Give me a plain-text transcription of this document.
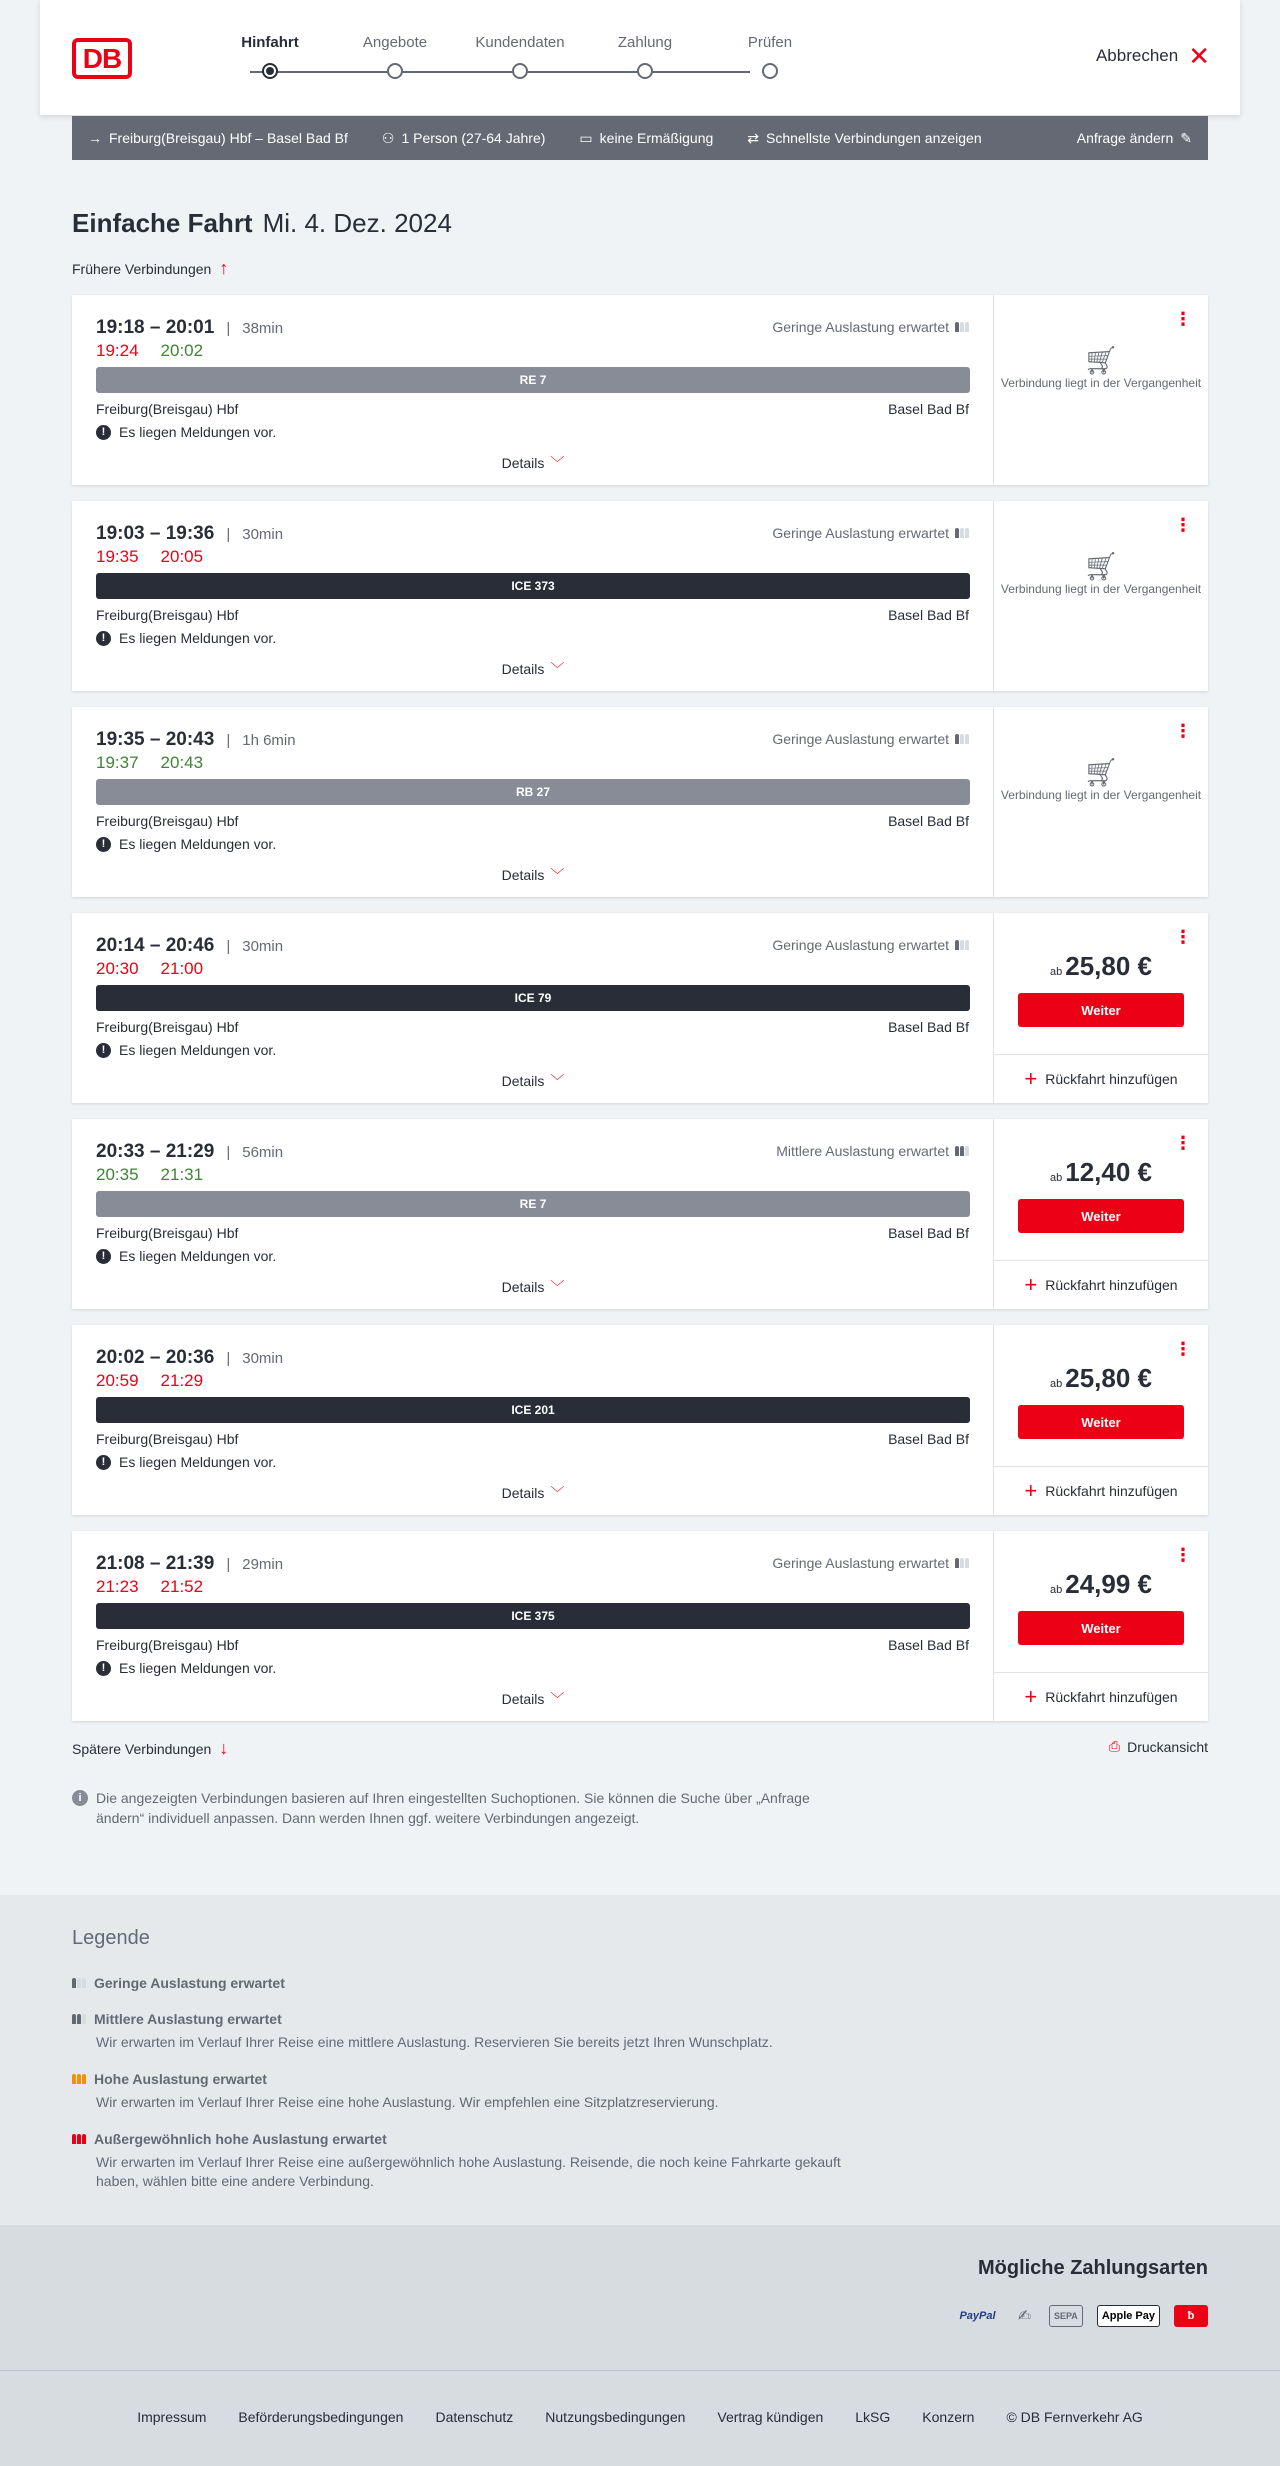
DB	Hinfahrt	Angebote	Kundendaten	Zahlung	Prüfen
Abbrechen ✕
→ Freiburg(Breisgau) Hbf – Basel Bad Bf ⚇ 1 Person (27-64 Jahre) ▭ keine Ermäßigung ⇄ Schnellste Verbindungen anzeigen	Anfrage ändern ✎
Einfache Fahrt Mi. 4. Dez. 2024
Frühere Verbindungen ↑
19:18 – 20:01 | 38min
19:24 20:02
Geringe Auslastung erwartet
RE 7
Freiburg(Breisgau) Hbf	Basel Bad Bf
! Es liegen Meldungen vor.
Details ﹀
⋮
🛒︎
Verbindung liegt in der Vergangenheit
19:03 – 19:36 | 30min
19:35 20:05
Geringe Auslastung erwartet
ICE 373
Freiburg(Breisgau) Hbf	Basel Bad Bf
! Es liegen Meldungen vor.
Details ﹀
⋮
🛒︎
Verbindung liegt in der Vergangenheit
19:35 – 20:43 | 1h 6min
19:37 20:43
Geringe Auslastung erwartet
RB 27
Freiburg(Breisgau) Hbf	Basel Bad Bf
! Es liegen Meldungen vor.
Details ﹀
⋮
🛒︎
Verbindung liegt in der Vergangenheit
20:14 – 20:46 | 30min
20:30 21:00
Geringe Auslastung erwartet
ICE 79
Freiburg(Breisgau) Hbf	Basel Bad Bf
! Es liegen Meldungen vor.
Details ﹀
⋮
ab 25,80 €
Weiter
+ Rückfahrt hinzufügen
20:33 – 21:29 | 56min
20:35 21:31
Mittlere Auslastung erwartet
RE 7
Freiburg(Breisgau) Hbf	Basel Bad Bf
! Es liegen Meldungen vor.
Details ﹀
⋮
ab 12,40 €
Weiter
+ Rückfahrt hinzufügen
20:02 – 20:36 | 30min
20:59 21:29
ICE 201
Freiburg(Breisgau) Hbf	Basel Bad Bf
! Es liegen Meldungen vor.
Details ﹀
⋮
ab 25,80 €
Weiter
+ Rückfahrt hinzufügen
21:08 – 21:39 | 29min
21:23 21:52
Geringe Auslastung erwartet
ICE 375
Freiburg(Breisgau) Hbf	Basel Bad Bf
! Es liegen Meldungen vor.
Details ﹀
⋮
ab 24,99 €
Weiter
+ Rückfahrt hinzufügen
Spätere Verbindungen ↓	⎙ Druckansicht
i	Die angezeigten Verbindungen basieren auf Ihren eingestellten Suchoptionen. Sie können die Suche über „Anfrage ändern“ individuell anpassen. Dann werden Ihnen ggf. weitere Verbindungen angezeigt.
Legende
Geringe Auslastung erwartet
Mittlere Auslastung erwartet
Wir erwarten im Verlauf Ihrer Reise eine mittlere Auslastung. Reservieren Sie bereits jetzt Ihren Wunschplatz.
Hohe Auslastung erwartet
Wir erwarten im Verlauf Ihrer Reise eine hohe Auslastung. Wir empfehlen eine Sitzplatzreservierung.
Außergewöhnlich hohe Auslastung erwartet
Wir erwarten im Verlauf Ihrer Reise eine außergewöhnlich hohe Auslastung. Reisende, die noch keine Fahrkarte gekauft haben, wählen bitte eine andere Verbindung.
Mögliche Zahlungsarten
PayPal ✍	SEPA	Apple Pay	ƀ
Impressum Beförderungsbedingungen Datenschutz Nutzungsbedingungen Vertrag kündigen LkSG Konzern © DB Fernverkehr AG
